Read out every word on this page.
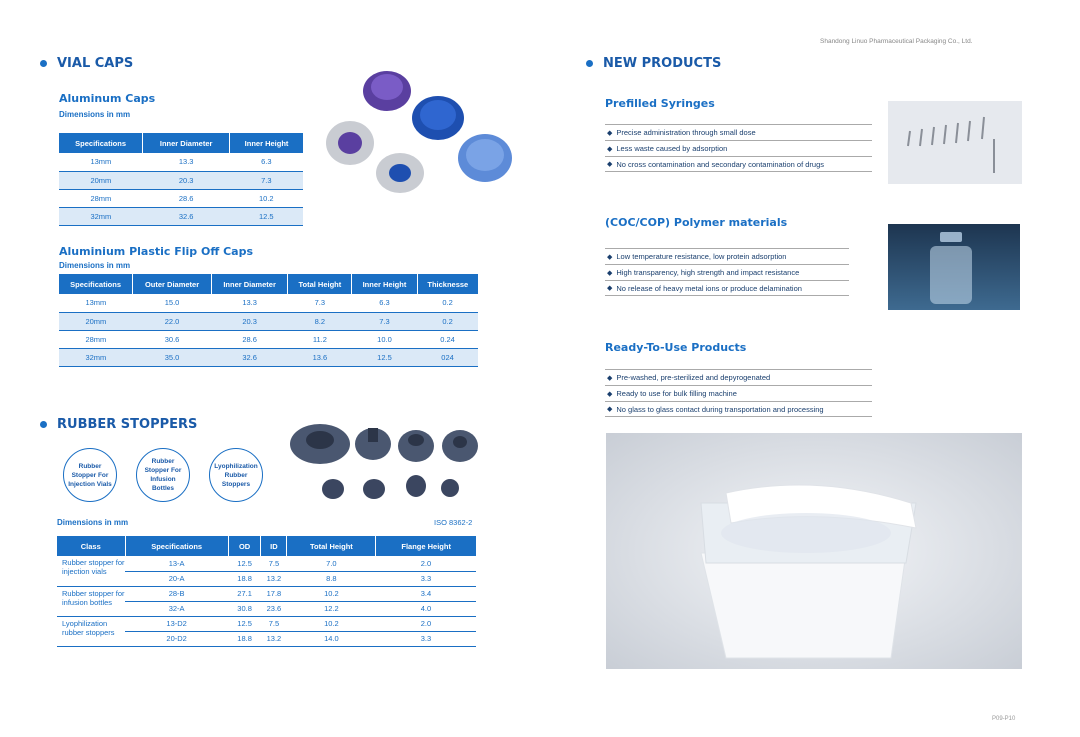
Shandong Linuo Pharmaceutical Packaging Co., Ltd.
P09-P10
VIAL CAPS
Aluminum Caps
Dimensions in mm
Specifications	Inner Diameter	Inner Height
13mm	13.3	6.3
20mm	20.3	7.3
28mm	28.6	10.2
32mm	32.6	12.5
Aluminium Plastic Flip Off Caps
Dimensions in mm
Specifications	Outer Diameter	Inner Diameter	Total Height	Inner Height	Thicknesse
13mm	15.0	13.3	7.3	6.3	0.2
20mm	22.0	20.3	8.2	7.3	0.2
28mm	30.6	28.6	11.2	10.0	0.24
32mm	35.0	32.6	13.6	12.5	024
RUBBER STOPPERS
Rubber Stopper For Injection Vials
Rubber Stopper For Infusion Bottles
Lyophilization Rubber Stoppers
Dimensions in mm	ISO 8362-2
Class	Specifications	OD	ID	Total Height	Flange Height
Rubber stopper for injection vials	13-A	12.5	7.5	7.0	2.0
	20-A	18.8	13.2	8.8	3.3
Rubber stopper for infusion bottles	28-B	27.1	17.8	10.2	3.4
	32-A	30.8	23.6	12.2	4.0
Lyophilization rubber stoppers	13-D2	12.5	7.5	10.2	2.0
	20-D2	18.8	13.2	14.0	3.3
NEW PRODUCTS
Prefilled Syringes
◆ Precise administration through small dose
◆ Less waste caused by adsorption
◆ No cross contamination and secondary contamination of drugs
(COC/COP) Polymer materials
◆ Low temperature resistance, low protein adsorption
◆ High transparency, high strength and impact resistance
◆ No release of heavy metal ions or produce delamination
Ready-To-Use Products
◆ Pre-washed, pre-sterilized and depyrogenated
◆ Ready to use for bulk filling machine
◆ No glass to glass contact during transportation and processing
